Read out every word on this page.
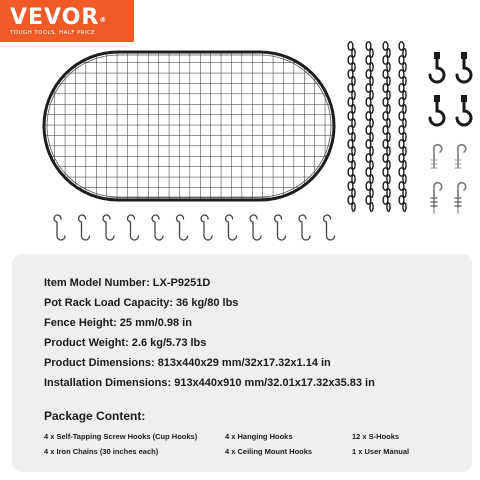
VEVOR®
TOUGH TOOLS, HALF PRICE
Item Model Number: LX-P9251D
Pot Rack Load Capacity: 36 kg/80 lbs
Fence Height: 25 mm/0.98 in
Product Weight: 2.6 kg/5.73 lbs
Product Dimensions: 813x440x29 mm/32x17.32x1.14 in
Installation Dimensions: 913x440x910 mm/32.01x17.32x35.83 in
Package Content:
4 x Self-Tapping Screw Hooks (Cup Hooks)	4 x Hanging Hooks	12 x S-Hooks
4 x Iron Chains (30 inches each)	4 x Ceiling Mount Hooks	1 x User Manual
